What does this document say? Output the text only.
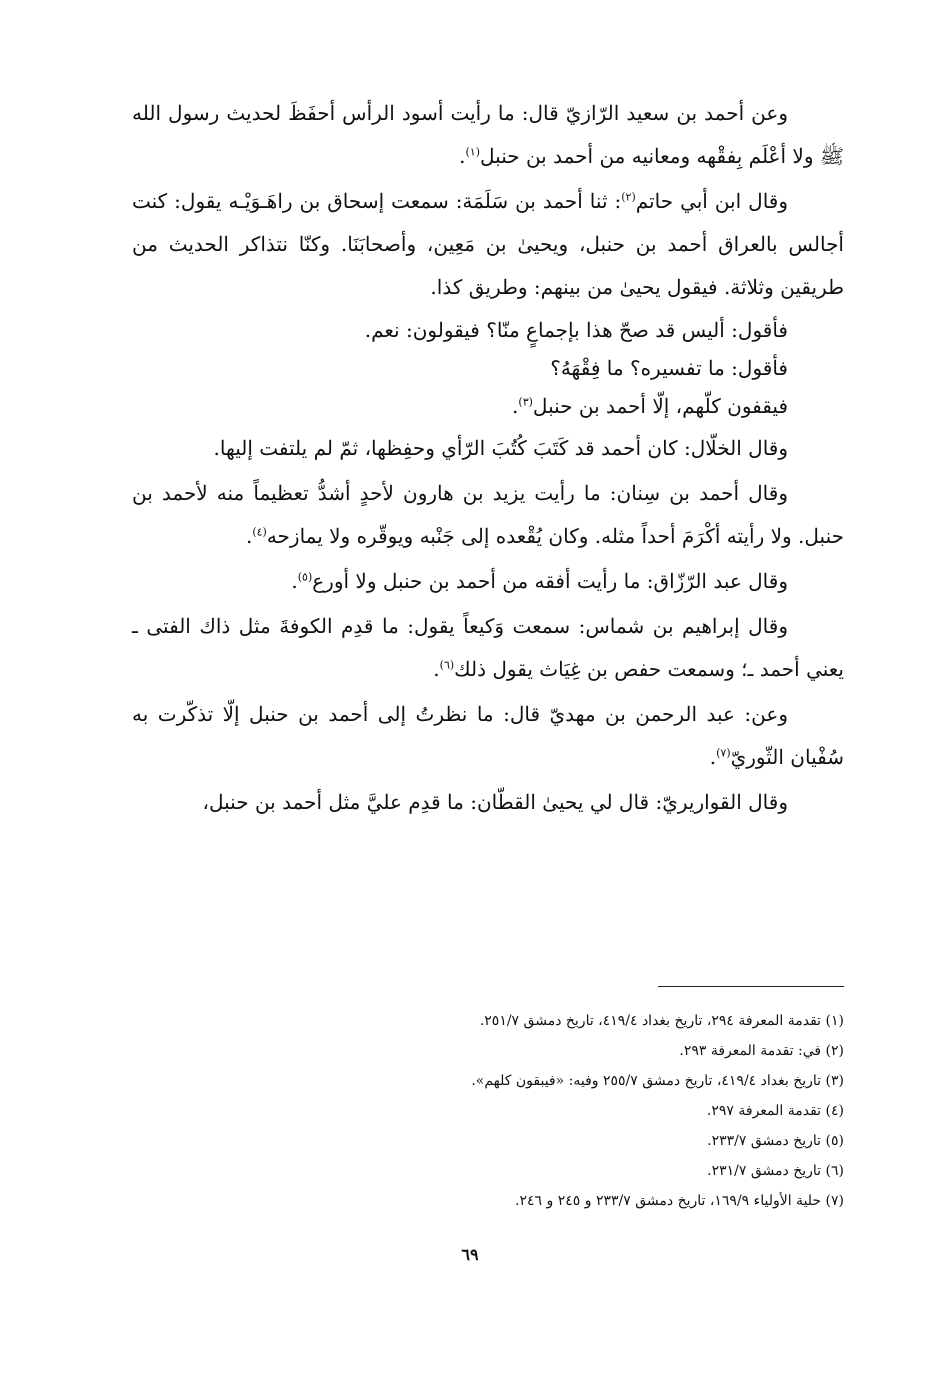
وعن أحمد بن سعيد الرّازيّ قال: ما رأيت أسود الرأس أحفَظَ لحديث رسول الله ﷺ ولا أعْلَم بِفقْهه ومعانيه من أحمد بن حنبل$^{(١)}$.

وقال ابن أبي حاتم$^{(٢)}$: ثنا أحمد بن سَلَمَة: سمعت إسحاق بن راهَـوَيْـه يقول: كنت أجالس بالعراق أحمد بن حنبل، ويحيىٰ بن مَعِين، وأصحابَنَا. وكنّا نتذاكر الحديث من طريقين وثلاثة. فيقول يحيىٰ من بينهم: وطريق كذا.

فأقول: أليس قد صحّ هذا بإجماعٍ منّا؟ فيقولون: نعم.

فأقول: ما تفسيره؟ ما فِقْهَهُ؟

فيقفون كلّهم، إلّا أحمد بن حنبل$^{(٣)}$.

وقال الخلّال: كان أحمد قد كَتَبَ كُتُبَ الرّأي وحفِظها، ثمّ لم يلتفت إليها.

وقال أحمد بن سِنان: ما رأيت يزيد بن هارون لأحدٍ أشدُّ تعظيماً منه لأحمد بن حنبل. ولا رأيته أكْرَمَ أحداً مثله. وكان يُقْعده إلى جَنْبه ويوقّره ولا يمازحه$^{(٤)}$.

وقال عبد الرّزّاق: ما رأيت أفقه من أحمد بن حنبل ولا أورع$^{(٥)}$.

وقال إبراهيم بن شماس: سمعت وَكيعاً يقول: ما قدِم الكوفةَ مثل ذاك الفتى ـ يعني أحمد ـ؛ وسمعت حفص بن غِيَاث يقول ذلك$^{(٦)}$.

وعن: عبد الرحمن بن مهديّ قال: ما نظرتُ إلى أحمد بن حنبل إلّا تذكّرت به سُفْيان الثّوريّ$^{(٧)}$.

وقال القواريريّ: قال لي يحيىٰ القطّان: ما قدِم عليَّ مثل أحمد بن حنبل،

(١) تقدمة المعرفة ٢٩٤، تاريخ بغداد ٤١٩/٤، تاريخ دمشق ٢٥١/٧.

(٢) في: تقدمة المعرفة ٢٩٣.

(٣) تاريخ بغداد ٤١٩/٤، تاريخ دمشق ٢٥٥/٧ وفيه: «فيبقون كلهم».

(٤) تقدمة المعرفة ٢٩٧.

(٥) تاريخ دمشق ٢٣٣/٧.

(٦) تاريخ دمشق ٢٣١/٧.

(٧) حلية الأولياء ١٦٩/٩، تاريخ دمشق ٢٣٣/٧ و ٢٤٥ و ٢٤٦.

٦٩
